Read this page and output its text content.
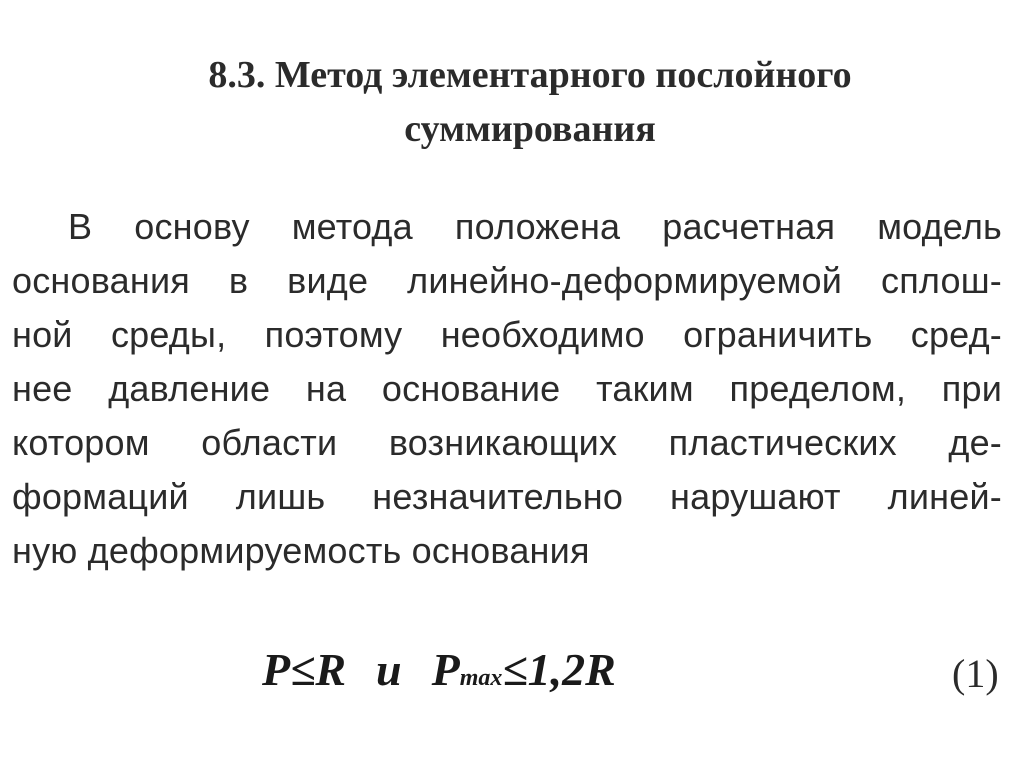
8.3. Метод элементарного послойного
суммирования
В основу метода положена расчетная модель
основания в виде линейно-деформируемой сплош-
ной среды, поэтому необходимо ограничить сред-
нее давление на основание таким пределом, при
котором области возникающих пластических де-
формаций лишь незначительно нарушают линей-
ную деформируемость основания
P≤R и Pmax≤1,2R	(1)
